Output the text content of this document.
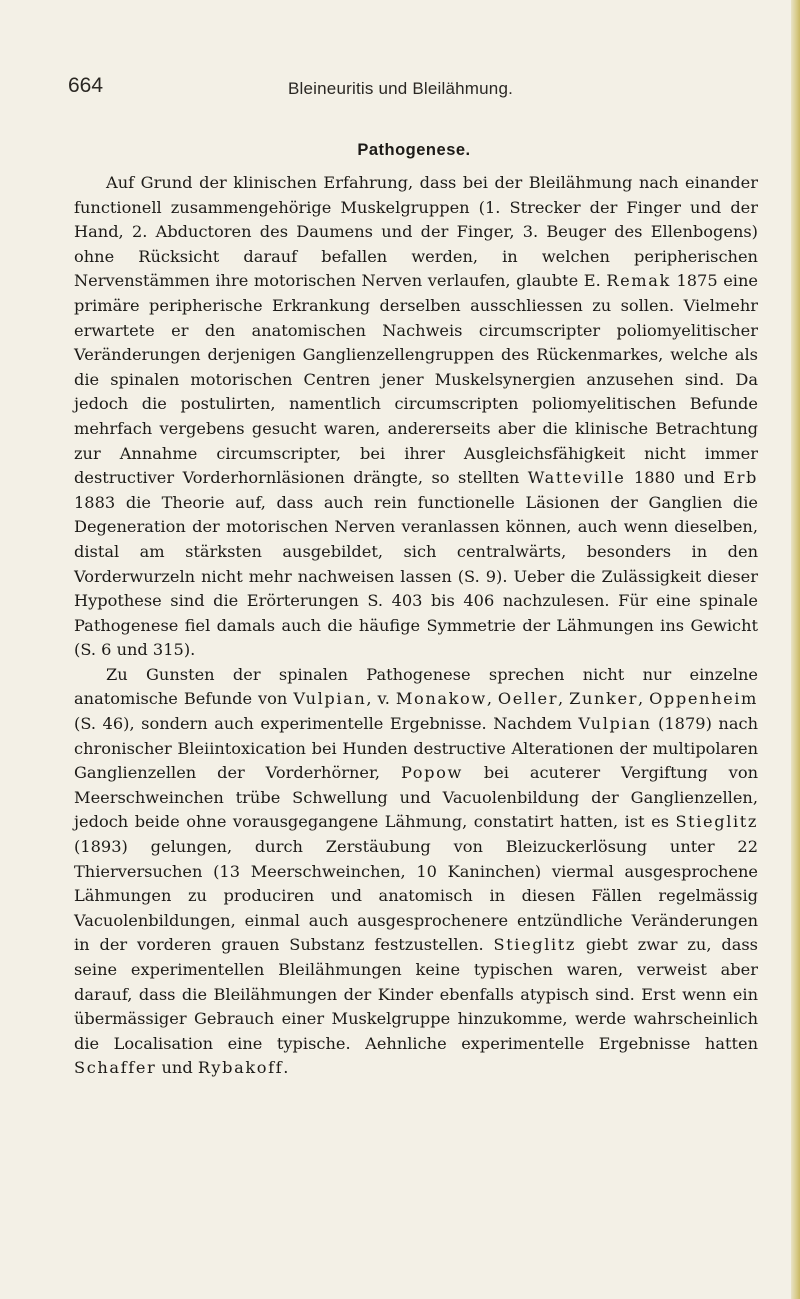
664	Bleineuritis und Bleilähmung.
Pathogenese.

Auf Grund der klinischen Erfahrung, dass bei der Bleilähmung nach einander functionell zusammengehörige Muskelgruppen (1. Strecker der Finger und der Hand, 2. Abductoren des Daumens und der Finger, 3. Beuger des Ellenbogens) ohne Rücksicht darauf befallen werden, in welchen peripherischen Nervenstämmen ihre motorischen Nerven verlaufen, glaubte E. Remak 1875 eine primäre peripherische Erkrankung derselben ausschliessen zu sollen. Vielmehr erwartete er den anatomischen Nachweis circumscripter poliomyelitischer Veränderungen derjenigen Ganglienzellengruppen des Rückenmarkes, welche als die spinalen motorischen Centren jener Muskelsynergien anzusehen sind. Da jedoch die postulirten, namentlich circumscripten poliomyelitischen Befunde mehrfach vergebens gesucht waren, andererseits aber die klinische Betrachtung zur Annahme circumscripter, bei ihrer Ausgleichsfähigkeit nicht immer destructiver Vorderhornläsionen drängte, so stellten Watteville 1880 und Erb 1883 die Theorie auf, dass auch rein functionelle Läsionen der Ganglien die Degeneration der motorischen Nerven veranlassen können, auch wenn dieselben, distal am stärksten ausgebildet, sich centralwärts, besonders in den Vorderwurzeln nicht mehr nachweisen lassen (S. 9). Ueber die Zulässigkeit dieser Hypothese sind die Erörterungen S. 403 bis 406 nachzulesen. Für eine spinale Pathogenese fiel damals auch die häufige Symmetrie der Lähmungen ins Gewicht (S. 6 und 315).

Zu Gunsten der spinalen Pathogenese sprechen nicht nur einzelne anatomische Befunde von Vulpian, v. Monakow, Oeller, Zunker, Oppenheim (S. 46), sondern auch experimentelle Ergebnisse. Nachdem Vulpian (1879) nach chronischer Bleiintoxication bei Hunden destructive Alterationen der multipolaren Ganglienzellen der Vorderhörner, Popow bei acuterer Vergiftung von Meerschweinchen trübe Schwellung und Vacuolenbildung der Ganglienzellen, jedoch beide ohne vorausgegangene Lähmung, constatirt hatten, ist es Stieglitz (1893) gelungen, durch Zerstäubung von Bleizuckerlösung unter 22 Thierversuchen (13 Meerschweinchen, 10 Kaninchen) viermal ausgesprochene Lähmungen zu produciren und anatomisch in diesen Fällen regelmässig Vacuolenbildungen, einmal auch ausgesprochenere entzündliche Veränderungen in der vorderen grauen Substanz festzustellen. Stieglitz giebt zwar zu, dass seine experimentellen Bleilähmungen keine typischen waren, verweist aber darauf, dass die Bleilähmungen der Kinder ebenfalls atypisch sind. Erst wenn ein übermässiger Gebrauch einer Muskelgruppe hinzukomme, werde wahrscheinlich die Localisation eine typische. Aehnliche experimentelle Ergebnisse hatten Schaffer und Rybakoff.
